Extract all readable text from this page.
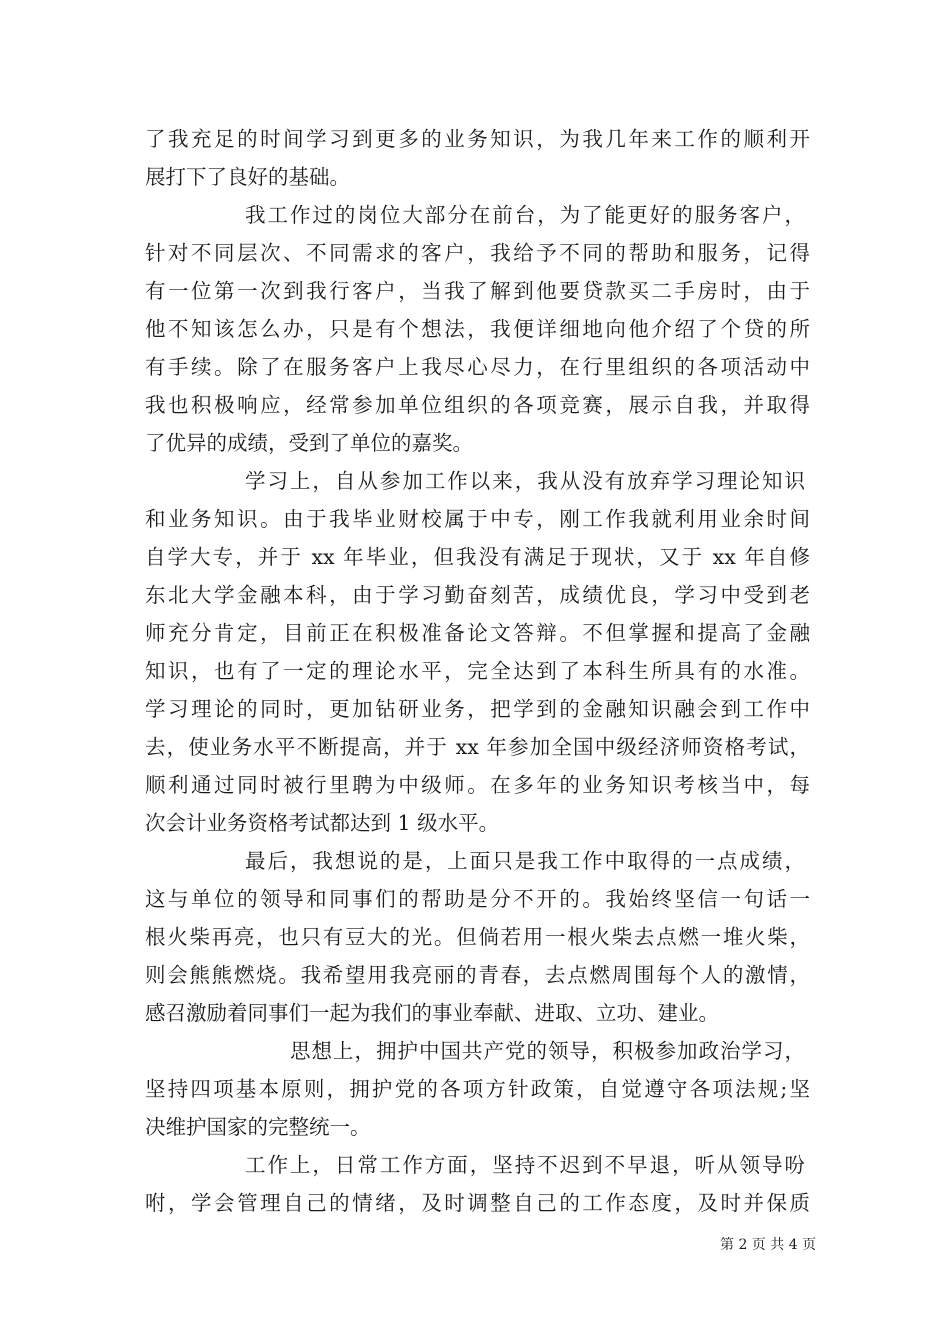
了我充足的时间学习到更多的业务知识，为我几年来工作的顺利开
展打下了良好的基础。
我工作过的岗位大部分在前台，为了能更好的服务客户，
针对不同层次、不同需求的客户，我给予不同的帮助和服务，记得
有一位第一次到我行客户，当我了解到他要贷款买二手房时，由于
他不知该怎么办，只是有个想法，我便详细地向他介绍了个贷的所
有手续。除了在服务客户上我尽心尽力，在行里组织的各项活动中
我也积极响应，经常参加单位组织的各项竞赛，展示自我，并取得
了优异的成绩，受到了单位的嘉奖。
学习上，自从参加工作以来，我从没有放弃学习理论知识
和业务知识。由于我毕业财校属于中专，刚工作我就利用业余时间
自学大专，并于 xx 年毕业，但我没有满足于现状，又于 xx 年自修
东北大学金融本科，由于学习勤奋刻苦，成绩优良，学习中受到老
师充分肯定，目前正在积极准备论文答辩。不但掌握和提高了金融
知识，也有了一定的理论水平，完全达到了本科生所具有的水准。
学习理论的同时，更加钻研业务，把学到的金融知识融会到工作中
去，使业务水平不断提高，并于 xx 年参加全国中级经济师资格考试，
顺利通过同时被行里聘为中级师。在多年的业务知识考核当中，每
次会计业务资格考试都达到 1 级水平。
最后，我想说的是，上面只是我工作中取得的一点成绩，
这与单位的领导和同事们的帮助是分不开的。我始终坚信一句话一
根火柴再亮，也只有豆大的光。但倘若用一根火柴去点燃一堆火柴，
则会熊熊燃烧。我希望用我亮丽的青春，去点燃周围每个人的激情，
感召激励着同事们一起为我们的事业奉献、进取、立功、建业。
思想上，拥护中国共产党的领导，积极参加政治学习，
坚持四项基本原则，拥护党的各项方针政策，自觉遵守各项法规;坚
决维护国家的完整统一。
工作上，日常工作方面，坚持不迟到不早退，听从领导吩
咐，学会管理自己的情绪，及时调整自己的工作态度，及时并保质
第 2 页 共 4 页
